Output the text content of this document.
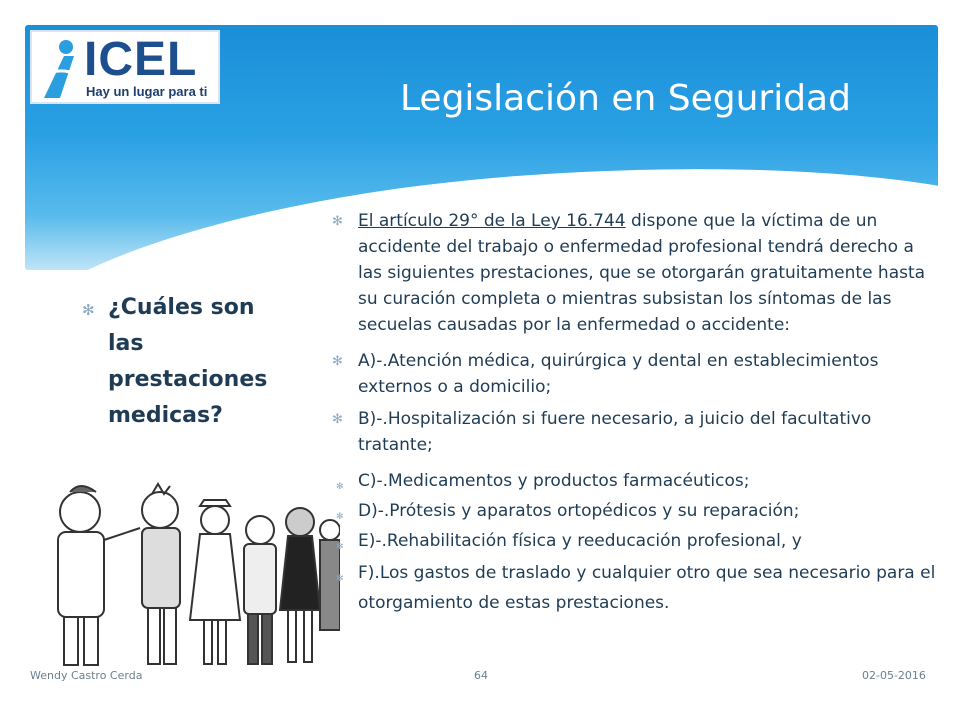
ICEL
Hay un lugar para ti	Legislación en Seguridad
✻ ¿Cuáles son las prestaciones medicas?
✻ El artículo 29° de la Ley 16.744 dispone que la víctima de un accidente del trabajo o enfermedad profesional tendrá derecho a las siguientes prestaciones, que se otorgarán gratuitamente hasta su curación completa o mientras subsistan los síntomas de las secuelas causadas por la enfermedad o accidente:
✻ A)-.Atención médica, quirúrgica y dental en establecimientos externos o a domicilio;
✻ B)-.Hospitalización si fuere necesario, a juicio del facultativo tratante;
✻ C)-.Medicamentos y productos farmacéuticos;
✻ D)-.Prótesis y aparatos ortopédicos y su reparación;
✻ E)-.Rehabilitación física y reeducación profesional, y
✻ F).Los gastos de traslado y cualquier otro que sea necesario para el otorgamiento de estas prestaciones.
Wendy Castro Cerda	64	02-05-2016
